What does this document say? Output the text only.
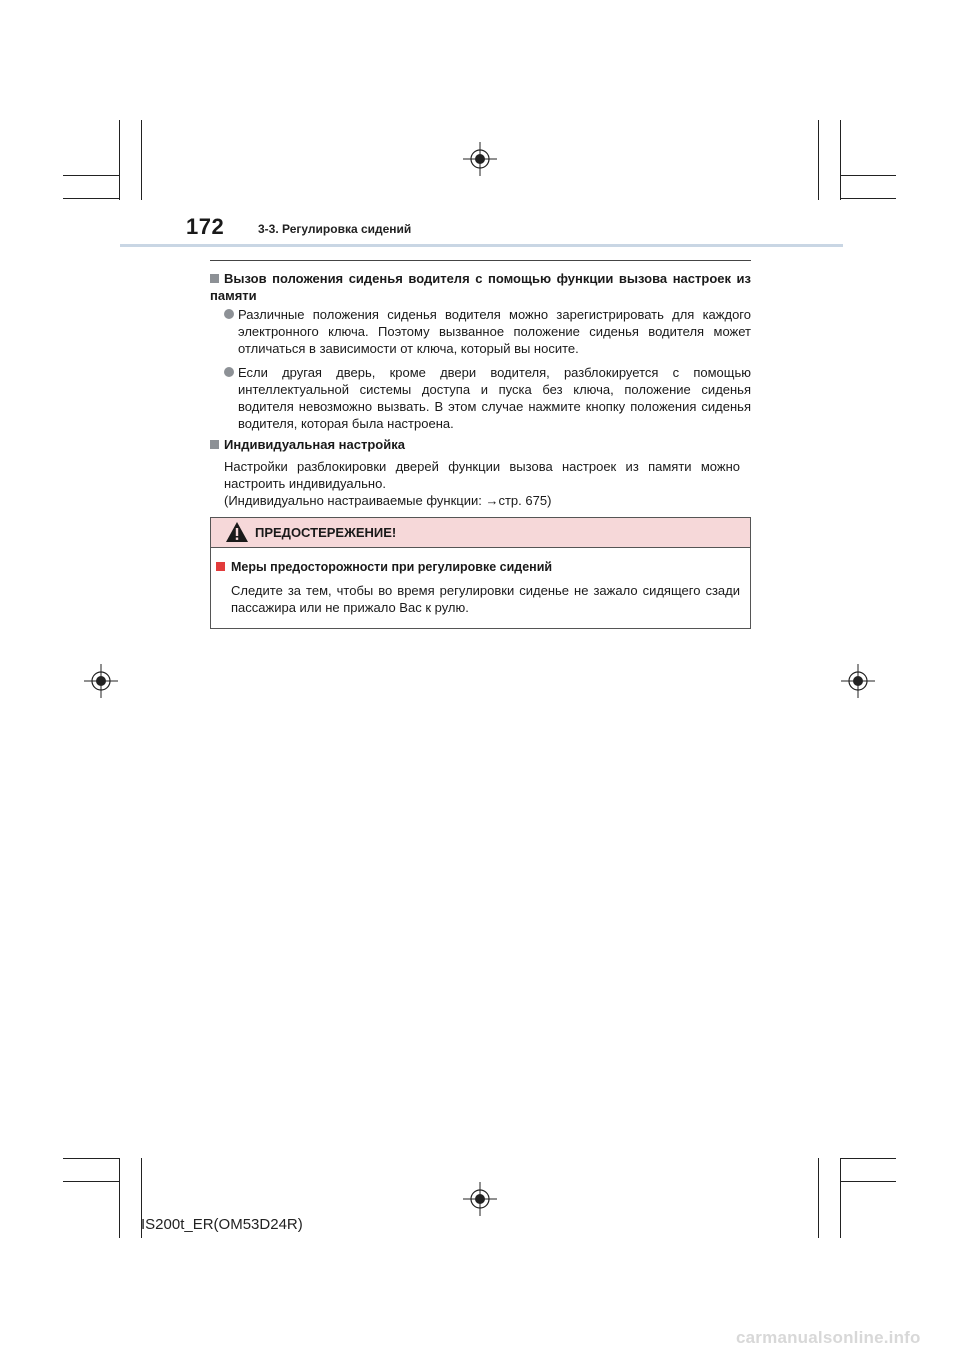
172	3-3. Регулировка сидений
Вызов положения сиденья водителя с помощью функции вызова настроек из памяти
Различные положения сиденья водителя можно зарегистрировать для каждого электронного ключа. Поэтому вызванное положение сиденья водителя может отличаться в зависимости от ключа, который вы носите.
Если другая дверь, кроме двери водителя, разблокируется с помощью интеллектуальной системы доступа и пуска без ключа, положение сиденья водителя невозможно вызвать. В этом случае нажмите кнопку положения сиденья водителя, которая была настроена.
Индивидуальная настройка
Настройки разблокировки дверей функции вызова настроек из памяти можно настроить индивидуально.
(Индивидуально настраиваемые функции: →стр. 675)
ПРЕДОСТЕРЕЖЕНИЕ!
Меры предосторожности при регулировке сидений
Следите за тем, чтобы во время регулировки сиденье не зажало сидящего сзади пассажира или не прижало Вас к рулю.
IS200t_ER(OM53D24R)
carmanualsonline.info
